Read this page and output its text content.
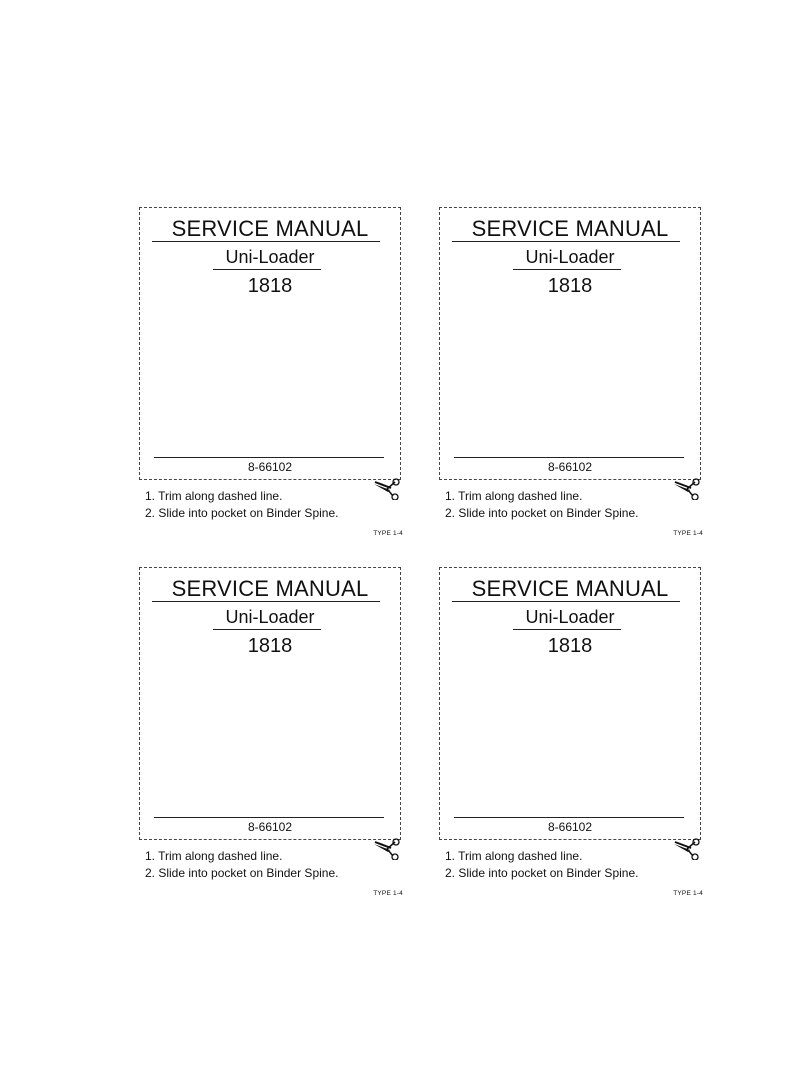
SERVICE MANUAL
Uni-Loader
1818
8-66102
1. Trim along dashed line.
2. Slide into pocket on Binder Spine.
TYPE 1-4
SERVICE MANUAL
Uni-Loader
1818
8-66102
1. Trim along dashed line.
2. Slide into pocket on Binder Spine.
TYPE 1-4
SERVICE MANUAL
Uni-Loader
1818
8-66102
1. Trim along dashed line.
2. Slide into pocket on Binder Spine.
TYPE 1-4
SERVICE MANUAL
Uni-Loader
1818
8-66102
1. Trim along dashed line.
2. Slide into pocket on Binder Spine.
TYPE 1-4
